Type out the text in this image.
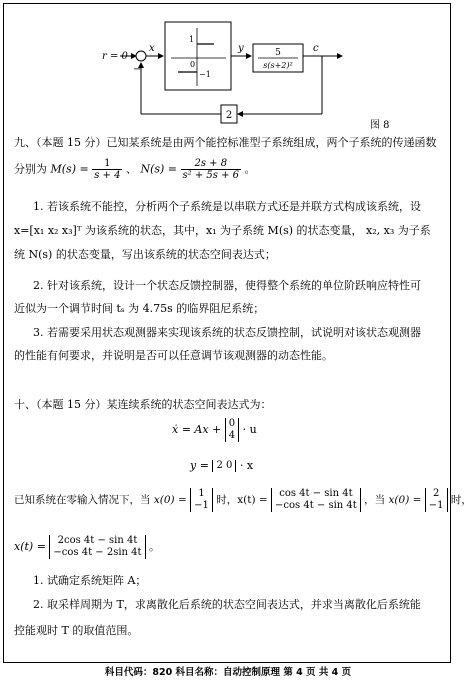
r = 0
−
x	y	c
1
0
−1
5
s(s+2)²
2
图 8
九、（本题 15 分）已知某系统是由两个能控标准型子系统组成，两个子系统的传递函数
分别为 $M(s) = \frac{1}{s + 4}$ 、 $N(s) = \frac{2s + 8}{\text{s² + 5s + 6}}$ 。
1. 若该系统不能控，分析两个子系统是以串联方式还是并联方式构成该系统，设
x=[x₁ x₂ x₃]ᵀ 为该系统的状态，其中，x₁ 为子系统 M(s) 的状态变量， x₂, x₃ 为子系
统 N(s) 的状态变量，写出该系统的状态空间表达式；
2. 针对该系统，设计一个状态反馈控制器，使得整个系统的单位阶跃响应特性可
近似为一个调节时间 tₛ 为 4.75s 的临界阻尼系统；
3. 若需要采用状态观测器来实现该系统的状态反馈控制，试说明对该状态观测器
的性能有何要求，并说明是否可以任意调节该观测器的动态性能。
十、（本题 15 分）某连续系统的状态空间表达式为：
ẋ = Ax + 0
4 · u
y = 2 0 · x
已知系统在零输入情况下，当 x(0) =
1
−1 时，x(t) =
cos 4t − sin 4t
−cos 4t − sin 4t ，当 x(0) =
2
−1 时，
x(t) =	2cos 4t − sin 4t
−cos 4t − 2sin 4t 。
1. 试确定系统矩阵 A；
2. 取采样周期为 T，求离散化后系统的状态空间表达式，并求当离散化后系统能
控能观时 T 的取值范围。
科目代码：820 科目名称：自动控制原理 第 4 页 共 4 页
